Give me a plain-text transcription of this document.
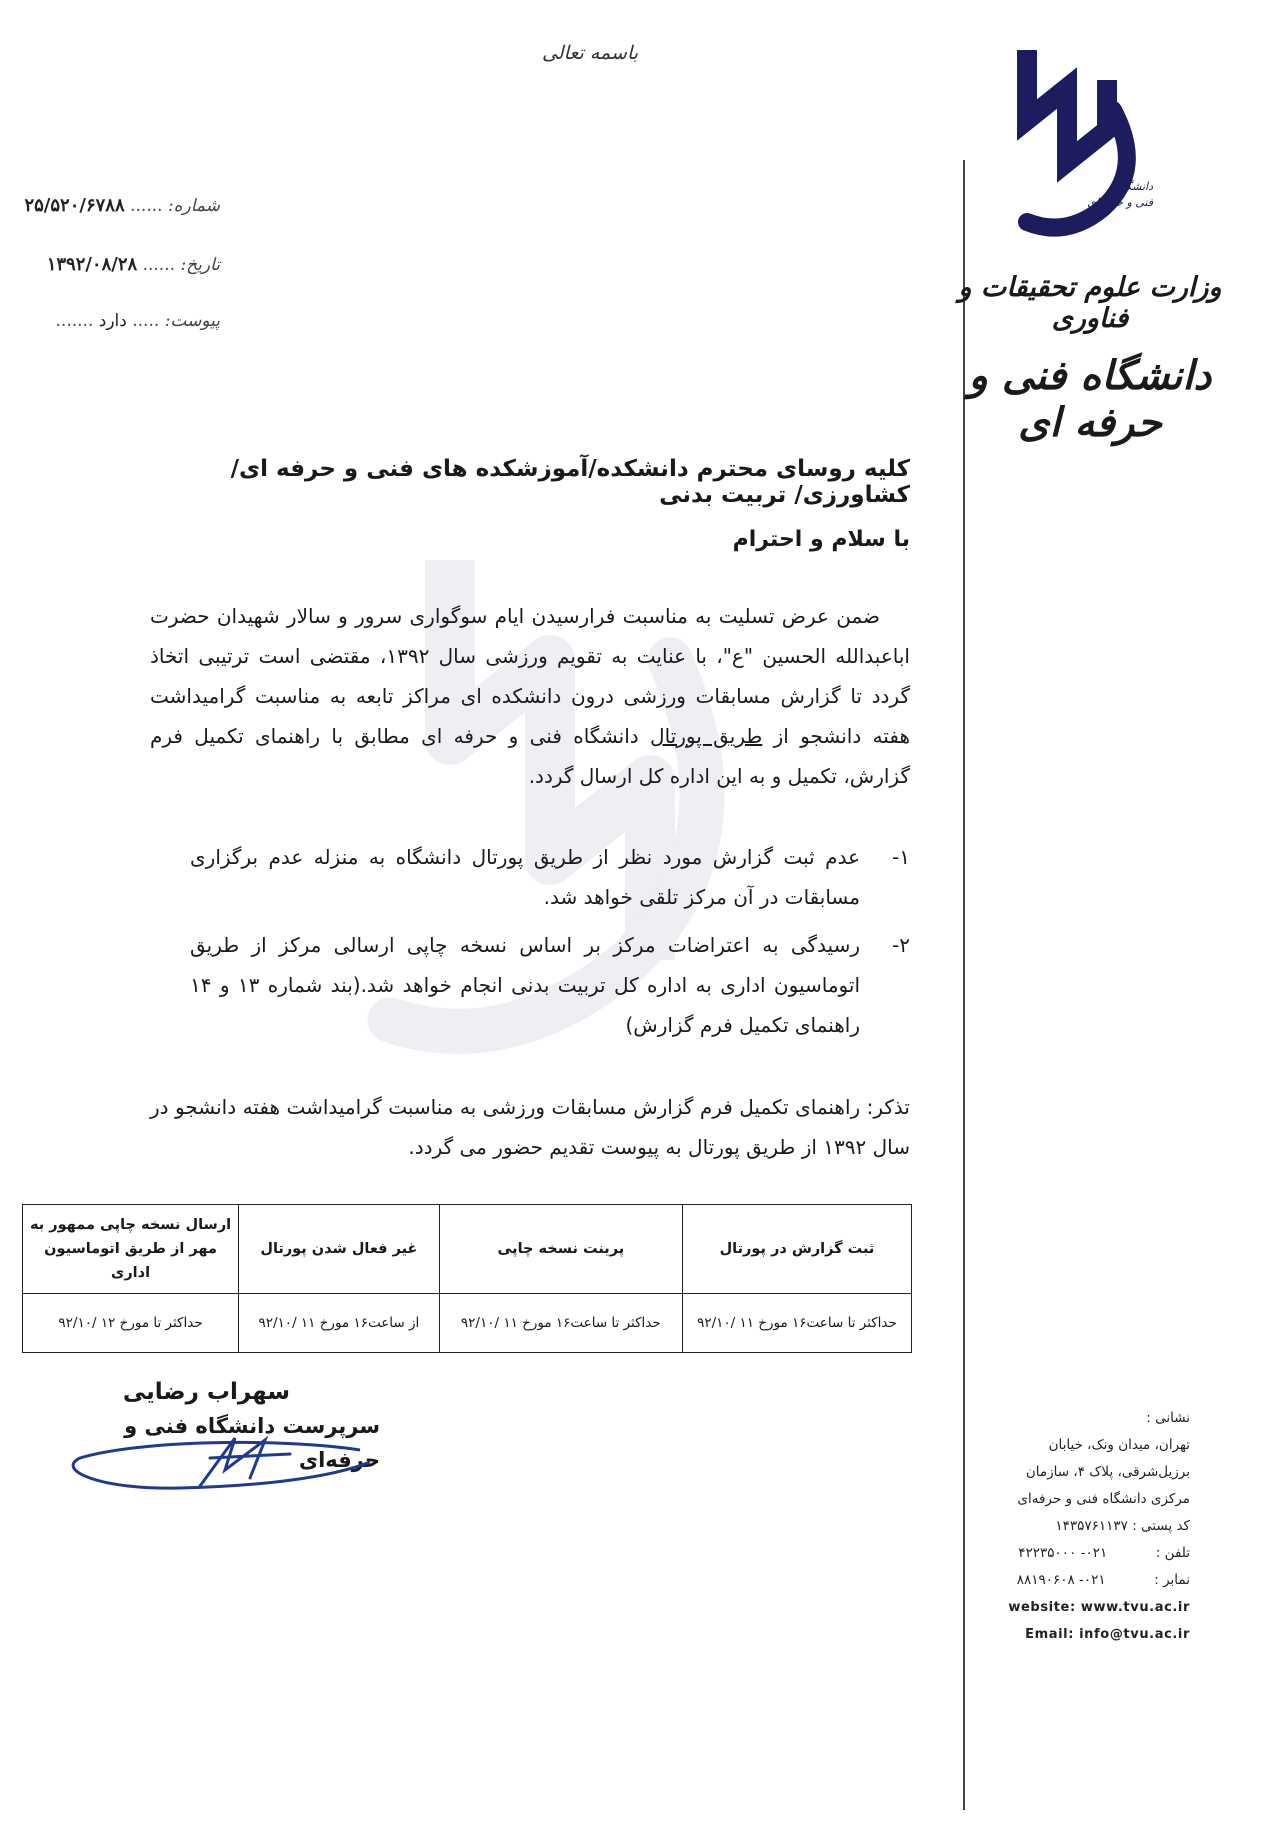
باسمه تعالی
شماره: ...... ۲۵/۵۲۰/۶۷۸۸
تاریخ: ...... ۱۳۹۲/۰۸/۲۸
پیوست: ..... دارد .......
دانشگاه
فنی و حرفه‌ای
وزارت علوم تحقیقات و فناوری
دانشگاه فنی و حرفه ای
نشانی :
تهران، میدان ونک، خیابان
برزیل‌شرقی، پلاک ۴، سازمان
مرکزی دانشگاه فنی و حرفه‌ای
کد پستی : ۱۴۳۵۷۶۱۱۳۷
تلفن :  ۰۲۱- ۴۲۲۳۵۰۰۰
نمابر :  ۰۲۱- ۸۸۱۹۰۶۰۸
website: www.tvu.ac.ir
Email: info@tvu.ac.ir
کلیه روسای محترم دانشکده/آموزشکده های فنی و حرفه ای/ کشاورزی/ تربیت بدنی
با سلام و احترام
ضمن عرض تسلیت به مناسبت فرارسیدن ایام سوگواری سرور و سالار شهیدان حضرت اباعبدالله الحسین "ع"، با عنایت به تقویم ورزشی سال ۱۳۹۲، مقتضی است ترتیبی اتخاذ گردد تا گزارش مسابقات ورزشی درون دانشکده ای مراکز تابعه به مناسبت گرامیداشت هفته دانشجو از طریق پورتال دانشگاه فنی و حرفه ای مطابق با راهنمای تکمیل فرم گزارش، تکمیل و به این اداره کل ارسال گردد.
۱-
عدم ثبت گزارش مورد نظر از طریق پورتال دانشگاه به منزله عدم برگزاری مسابقات در آن مرکز تلقی خواهد شد.
۲-
رسیدگی به اعتراضات مرکز بر اساس نسخه چاپی ارسالی مرکز از طریق اتوماسیون اداری به اداره کل تربیت بدنی انجام خواهد شد.(بند شماره ۱۳ و ۱۴ راهنمای تکمیل فرم گزارش)
تذکر: راهنمای تکمیل فرم گزارش مسابقات ورزشی به مناسبت گرامیداشت هفته دانشجو در سال ۱۳۹۲ از طریق پورتال به پیوست تقدیم حضور می گردد.
ثبت گزارش در پورتال	پرینت نسخه چاپی	غیر فعال شدن پورتال	ارسال نسخه چاپی ممهور به مهر از طریق اتوماسیون اداری
حداکثر تا ساعت۱۶ مورخ ۱۱ /۹۲/۱۰	حداکثر تا ساعت۱۶ مورخ ۱۱ /۹۲/۱۰	از ساعت۱۶ مورخ ۱۱ /۹۲/۱۰	حداکثر تا مورخ ۱۲ /۹۲/۱۰
سهراب رضایی
سرپرست دانشگاه فنی و حرفه‌ای
